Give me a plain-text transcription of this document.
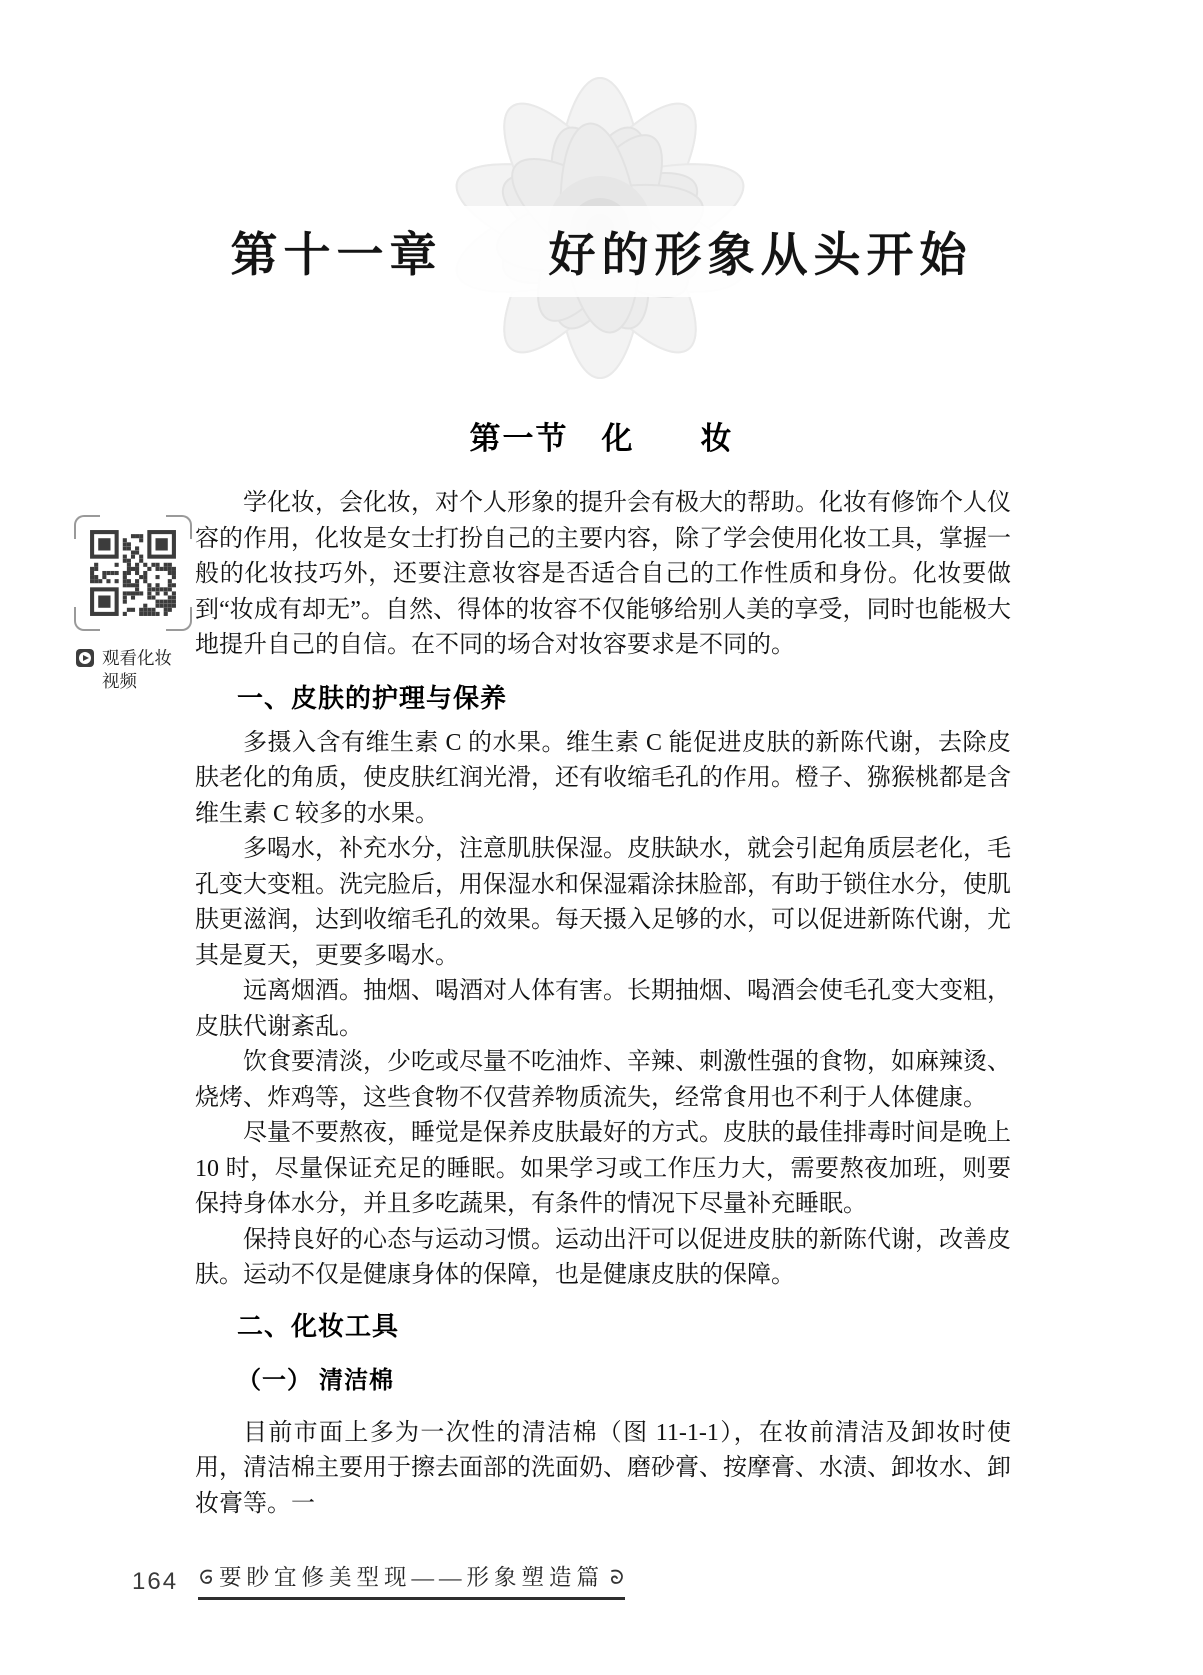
第十一章　　好的形象从头开始
第一节　化　　妆
观看化妆
视频

学化妆，会化妆，对个人形象的提升会有极大的帮助。化妆有修饰个人仪容的作用，化妆是女士打扮自己的主要内容，除了学会使用化妆工具，掌握一般的化妆技巧外，还要注意妆容是否适合自己的工作性质和身份。化妆要做到“妆成有却无”。自然、得体的妆容不仅能够给别人美的享受，同时也能极大地提升自己的自信。在不同的场合对妆容要求是不同的。

一、皮肤的护理与保养

多摄入含有维生素 C 的水果。维生素 C 能促进皮肤的新陈代谢，去除皮肤老化的角质，使皮肤红润光滑，还有收缩毛孔的作用。橙子、猕猴桃都是含维生素 C 较多的水果。

多喝水，补充水分，注意肌肤保湿。皮肤缺水，就会引起角质层老化，毛孔变大变粗。洗完脸后，用保湿水和保湿霜涂抹脸部，有助于锁住水分，使肌肤更滋润，达到收缩毛孔的效果。每天摄入足够的水，可以促进新陈代谢，尤其是夏天，更要多喝水。

远离烟酒。抽烟、喝酒对人体有害。长期抽烟、喝酒会使毛孔变大变粗，皮肤代谢紊乱。

饮食要清淡，少吃或尽量不吃油炸、辛辣、刺激性强的食物，如麻辣烫、烧烤、炸鸡等，这些食物不仅营养物质流失，经常食用也不利于人体健康。

尽量不要熬夜，睡觉是保养皮肤最好的方式。皮肤的最佳排毒时间是晚上 10 时，尽量保证充足的睡眠。如果学习或工作压力大，需要熬夜加班，则要保持身体水分，并且多吃蔬果，有条件的情况下尽量补充睡眠。

保持良好的心态与运动习惯。运动出汗可以促进皮肤的新陈代谢，改善皮肤。运动不仅是健康身体的保障，也是健康皮肤的保障。

二、化妆工具
（一） 清洁棉

目前市面上多为一次性的清洁棉（图 11-1-1），在妆前清洁及卸妆时使用，清洁棉主要用于擦去面部的洗面奶、磨砂膏、按摩膏、水渍、卸妆水、卸妆膏等。一

164 要眇宜修美型现——形象塑造篇
